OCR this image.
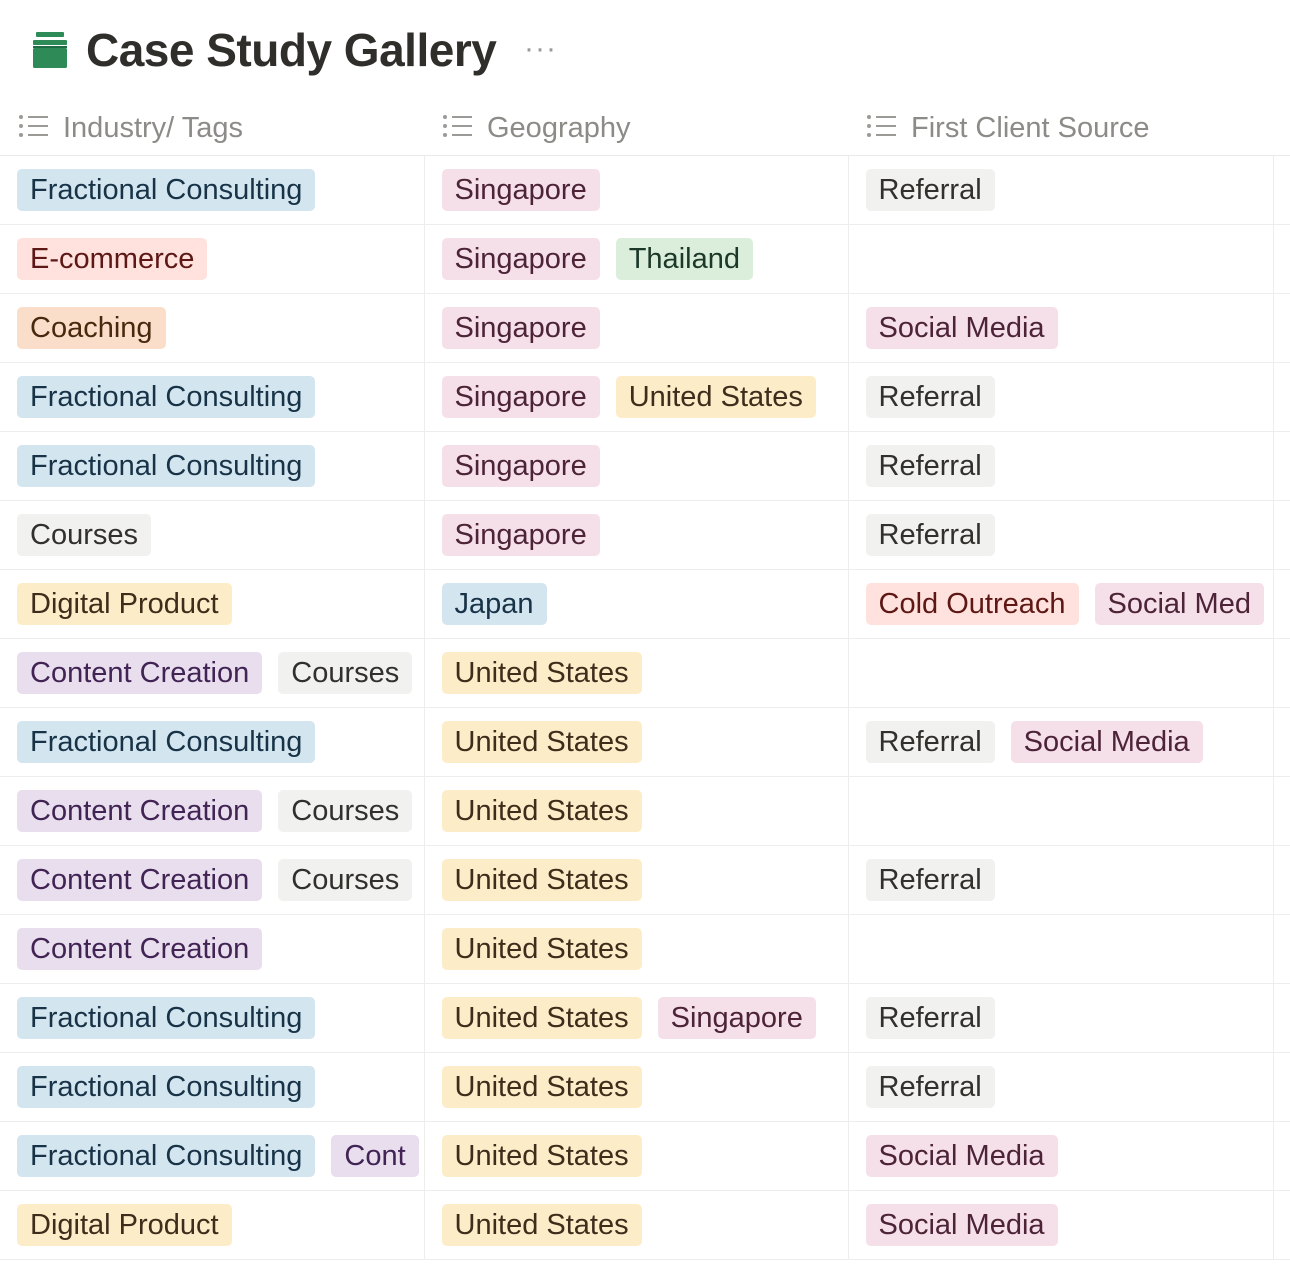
Case Study Gallery ···
Industry/ Tags	Geography	First Client Source	
Fractional Consulting	Singapore	Referral	
E-commerce	Singapore Thailand		
Coaching	Singapore	Social Media	
Fractional Consulting	Singapore United States	Referral	
Fractional Consulting	Singapore	Referral	
Courses	Singapore	Referral	
Digital Product	Japan	Cold Outreach Social Med	
Content Creation Courses	United States		
Fractional Consulting	United States	Referral Social Media	
Content Creation Courses	United States		
Content Creation Courses	United States	Referral	
Content Creation	United States		
Fractional Consulting	United States Singapore	Referral	
Fractional Consulting	United States	Referral	
Fractional Consulting Cont	United States	Social Media	
Digital Product	United States	Social Media	
